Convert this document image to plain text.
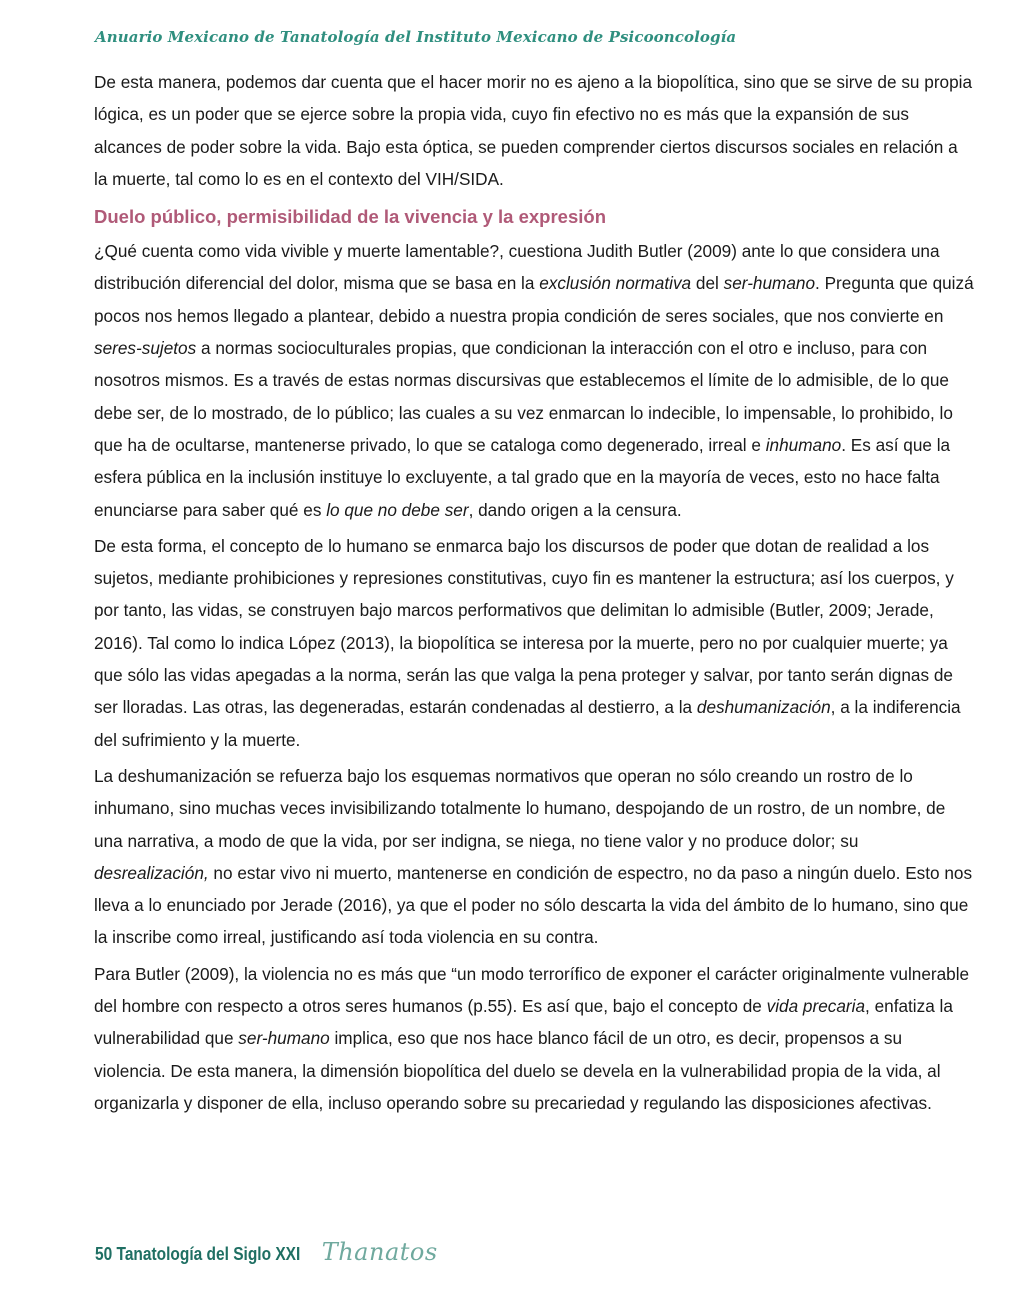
Anuario Mexicano de Tanatología del Instituto Mexicano de Psicooncología

De esta manera, podemos dar cuenta que el hacer morir no es ajeno a la biopolítica, sino que se sirve de su propia lógica, es un poder que se ejerce sobre la propia vida, cuyo fin efectivo no es más que la expansión de sus alcances de poder sobre la vida. Bajo esta óptica, se pueden comprender ciertos discursos sociales en relación a la muerte, tal como lo es en el contexto del VIH/SIDA.

Duelo público, permisibilidad de la vivencia y la expresión

¿Qué cuenta como vida vivible y muerte lamentable?, cuestiona Judith Butler (2009) ante lo que considera una distribución diferencial del dolor, misma que se basa en la exclusión normativa del ser-humano. Pregunta que quizá pocos nos hemos llegado a plantear, debido a nuestra propia condición de seres sociales, que nos convierte en seres-sujetos a normas socioculturales propias, que condicionan la interacción con el otro e incluso, para con nosotros mismos. Es a través de estas normas discursivas que establecemos el límite de lo admisible, de lo que debe ser, de lo mostrado, de lo público; las cuales a su vez enmarcan lo indecible, lo impensable, lo prohibido, lo que ha de ocultarse, mantenerse privado, lo que se cataloga como degenerado, irreal e inhumano. Es así que la esfera pública en la inclusión instituye lo excluyente, a tal grado que en la mayoría de veces, esto no hace falta enunciarse para saber qué es lo que no debe ser, dando origen a la censura.

De esta forma, el concepto de lo humano se enmarca bajo los discursos de poder que dotan de realidad a los sujetos, mediante prohibiciones y represiones constitutivas, cuyo fin es mantener la estructura; así los cuerpos, y por tanto, las vidas, se construyen bajo marcos performativos que delimitan lo admisible (Butler, 2009; Jerade, 2016). Tal como lo indica López (2013), la biopolítica se interesa por la muerte, pero no por cualquier muerte; ya que sólo las vidas apegadas a la norma, serán las que valga la pena proteger y salvar, por tanto serán dignas de ser lloradas. Las otras, las degeneradas, estarán condenadas al destierro, a la deshumanización, a la indiferencia del sufrimiento y la muerte.

La deshumanización se refuerza bajo los esquemas normativos que operan no sólo creando un rostro de lo inhumano, sino muchas veces invisibilizando totalmente lo humano, despojando de un rostro, de un nombre, de una narrativa, a modo de que la vida, por ser indigna, se niega, no tiene valor y no produce dolor; su desrealización, no estar vivo ni muerto, mantenerse en condición de espectro, no da paso a ningún duelo. Esto nos lleva a lo enunciado por Jerade (2016), ya que el poder no sólo descarta la vida del ámbito de lo humano, sino que la inscribe como irreal, justificando así toda violencia en su contra.

Para Butler (2009), la violencia no es más que “un modo terrorífico de exponer el carácter originalmente vulnerable del hombre con respecto a otros seres humanos (p.55). Es así que, bajo el concepto de vida precaria, enfatiza la vulnerabilidad que ser-humano implica, eso que nos hace blanco fácil de un otro, es decir, propensos a su violencia. De esta manera, la dimensión biopolítica del duelo se devela en la vulnerabilidad propia de la vida, al organizarla y disponer de ella, incluso operando sobre su precariedad y regulando las disposiciones afectivas.

50 Tanatología del Siglo XXI Thanatos
